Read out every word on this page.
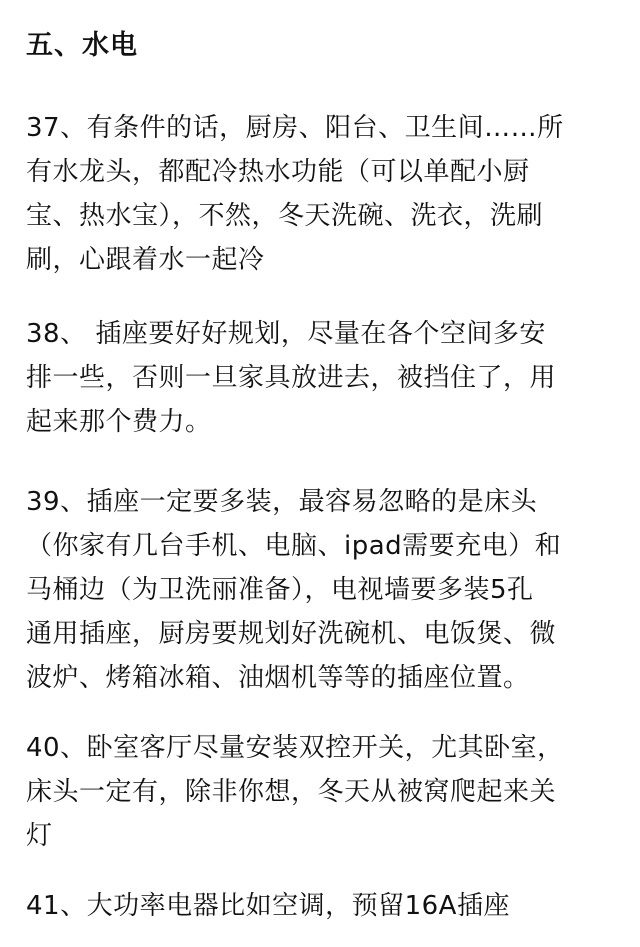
五、水电
37、有条件的话，厨房、阳台、卫生间……所
有水龙头，都配冷热水功能（可以单配小厨
宝、热水宝），不然，冬天洗碗、洗衣，洗刷
刷，心跟着水一起冷
38、 插座要好好规划，尽量在各个空间多安
排一些，否则一旦家具放进去，被挡住了，用
起来那个费力。
39、插座一定要多装，最容易忽略的是床头
（你家有几台手机、电脑、ipad需要充电）和
马桶边（为卫洗丽准备），电视墙要多装5孔
通用插座，厨房要规划好洗碗机、电饭煲、微
波炉、烤箱冰箱、油烟机等等的插座位置。
40、卧室客厅尽量安装双控开关，尤其卧室，
床头一定有，除非你想，冬天从被窝爬起来关
灯
41、大功率电器比如空调，预留16A插座
